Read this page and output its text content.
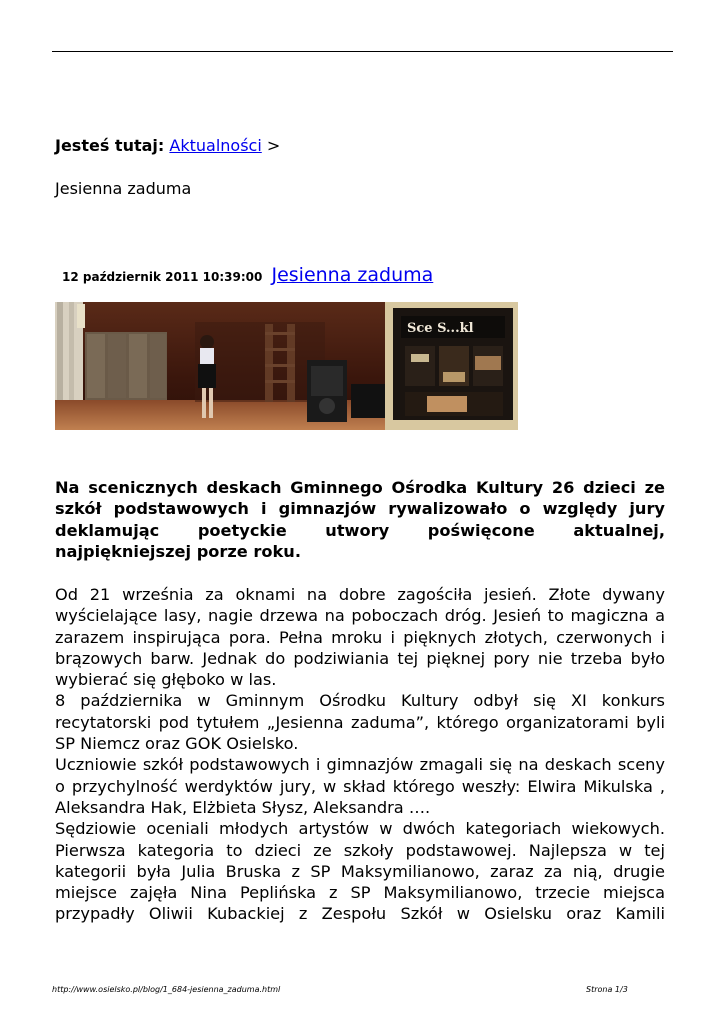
Jesteś tutaj: Aktualności >
Jesienna zaduma
12 październik 2011 10:39:00 Jesienna zaduma
Sce S...kl
Na scenicznych deskach Gminnego Ośrodka Kultury 26 dzieci ze szkół podstawowych i gimnazjów rywalizowało o względy jury deklamując poetyckie utwory poświęcone aktualnej, najpiękniejszej porze roku.

Od 21 września za oknami na dobre zagościła jesień. Złote dywany wyścielające lasy, nagie drzewa na poboczach dróg. Jesień to magiczna a zarazem inspirująca pora. Pełna mroku i pięknych złotych, czerwonych i brązowych barw. Jednak do podziwiania tej pięknej pory nie trzeba było wybierać się głęboko w las.

8 października w Gminnym Ośrodku Kultury odbył się XI konkurs recytatorski pod tytułem „Jesienna zaduma”, którego organizatorami byli SP Niemcz oraz GOK Osielsko.

Uczniowie szkół podstawowych i gimnazjów zmagali się na deskach sceny o przychylność werdyktów jury, w skład którego weszły: Elwira Mikulska , Aleksandra Hak, Elżbieta Słysz, Aleksandra ….

Sędziowie oceniali młodych artystów w dwóch kategoriach wiekowych. Pierwsza kategoria to dzieci ze szkoły podstawowej. Najlepsza w tej kategorii była Julia Bruska z SP Maksymilianowo, zaraz za nią, drugie miejsce zajęła Nina Peplińska z SP Maksymilianowo, trzecie miejsca przypadły Oliwii Kubackiej z Zespołu Szkół w Osielsku oraz Kamili

http://www.osielsko.pl/blog/1_684-jesienna_zaduma.html	Strona 1/3
